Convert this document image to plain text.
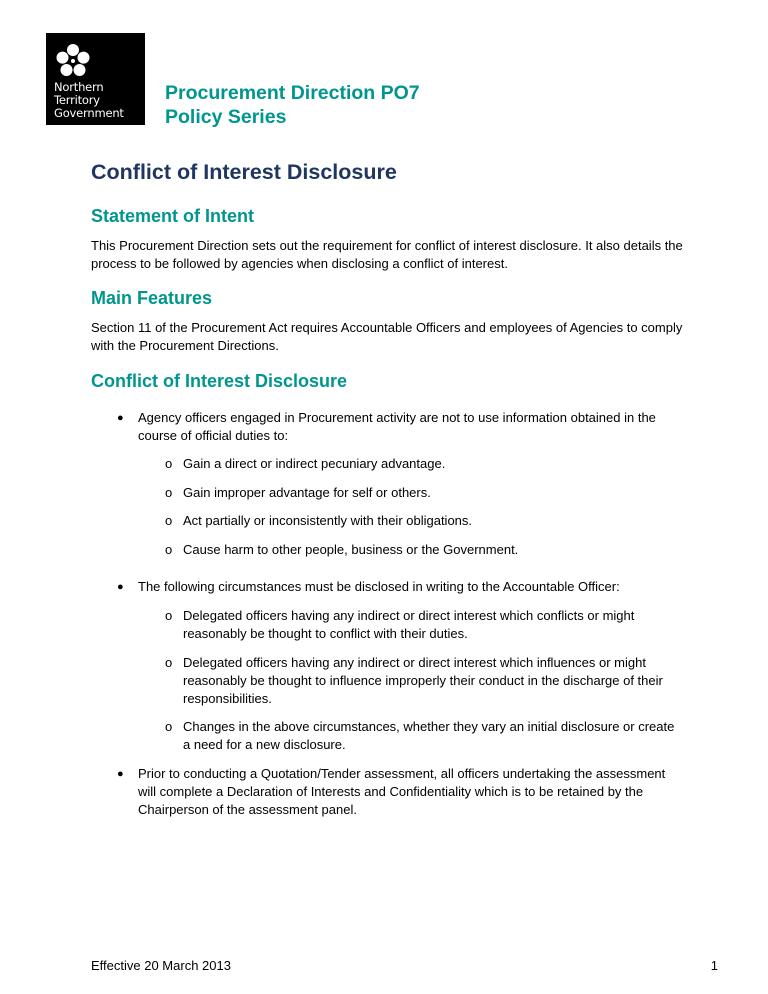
Northern
Territory
Government
Procurement Direction PO7
Policy Series
Conflict of Interest Disclosure
Statement of Intent

This Procurement Direction sets out the requirement for conflict of interest disclosure. It also details the process to be followed by agencies when disclosing a conflict of interest.

Main Features

Section 11 of the Procurement Act requires Accountable Officers and employees of Agencies to comply with the Procurement Directions.

Conflict of Interest Disclosure
● Agency officers engaged in Procurement activity are not to use information obtained in the course of official duties to:
o Gain a direct or indirect pecuniary advantage.
o Gain improper advantage for self or others.
o Act partially or inconsistently with their obligations.
o Cause harm to other people, business or the Government.
● The following circumstances must be disclosed in writing to the Accountable Officer:
o Delegated officers having any indirect or direct interest which conflicts or might reasonably be thought to conflict with their duties.
o Delegated officers having any indirect or direct interest which influences or might reasonably be thought to influence improperly their conduct in the discharge of their responsibilities.
o Changes in the above circumstances, whether they vary an initial disclosure or create a need for a new disclosure.
● Prior to conducting a Quotation/Tender assessment, all officers undertaking the assessment will complete a Declaration of Interests and Confidentiality which is to be retained by the Chairperson of the assessment panel.
Effective 20 March 2013	1
